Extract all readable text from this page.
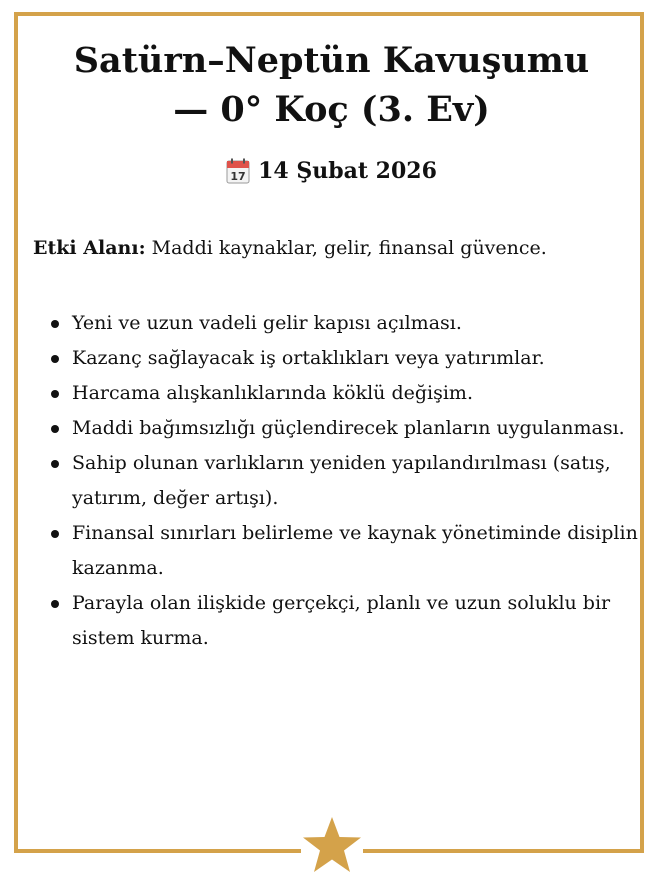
Satürn–Neptün Kavuşumu
— 0° Koç (3. Ev)
17 14 Şubat 2026
Etki Alanı: Maddi kaynaklar, gelir, finansal güvence.
Yeni ve uzun vadeli gelir kapısı açılması.
Kazanç sağlayacak iş ortaklıkları veya yatırımlar.
Harcama alışkanlıklarında köklü değişim.
Maddi bağımsızlığı güçlendirecek planların uygulanması.
Sahip olunan varlıkların yeniden yapılandırılması (satış, yatırım, değer artışı).
Finansal sınırları belirleme ve kaynak yönetiminde disiplin kazanma.
Parayla olan ilişkide gerçekçi, planlı ve uzun soluklu bir sistem kurma.
